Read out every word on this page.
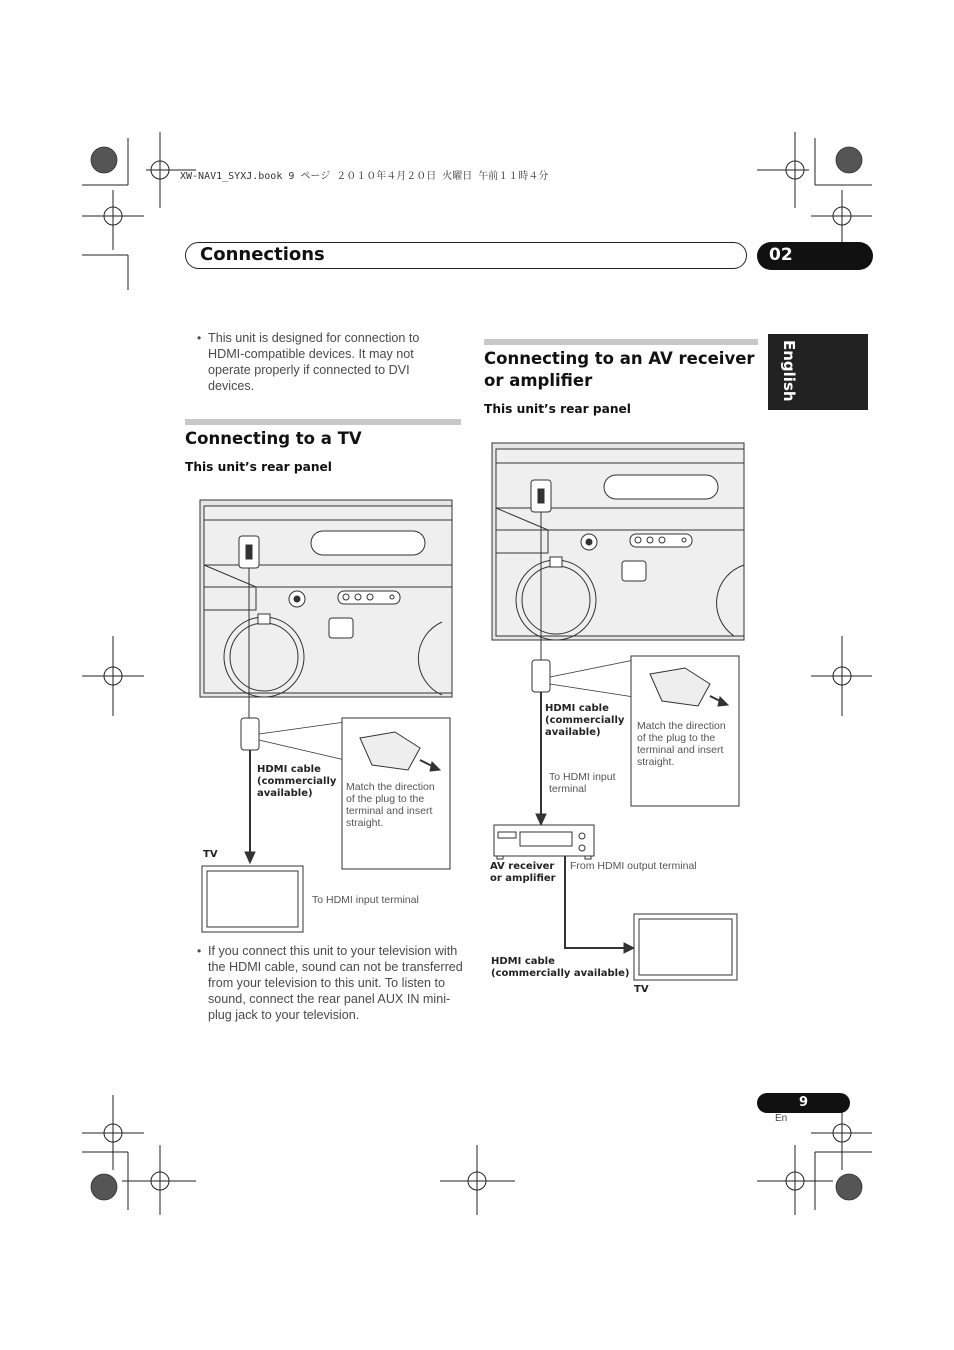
XW-NAV1_SYXJ.book 9 ページ ２０１０年４月２０日 火曜日 午前１１時４分
Connections	02
English
• This unit is designed for connection to HDMI-compatible devices. It may not operate properly if connected to DVI devices.
Connecting to a TV
This unit’s rear panel
HDMI cable (commercially available)
Match the direction of the plug to the terminal and insert straight.
TV
To HDMI input terminal
• If you connect this unit to your television with the HDMI cable, sound can not be transferred from your television to this unit. To listen to sound, connect the rear panel AUX IN mini-plug jack to your television.
Connecting to an AV receiver or amplifier
This unit’s rear panel
HDMI cable (commercially available)
Match the direction of the plug to the terminal and insert straight.
To HDMI input terminal
AV receiver or amplifier
From HDMI output terminal
HDMI cable (commercially available)
TV
9
En
